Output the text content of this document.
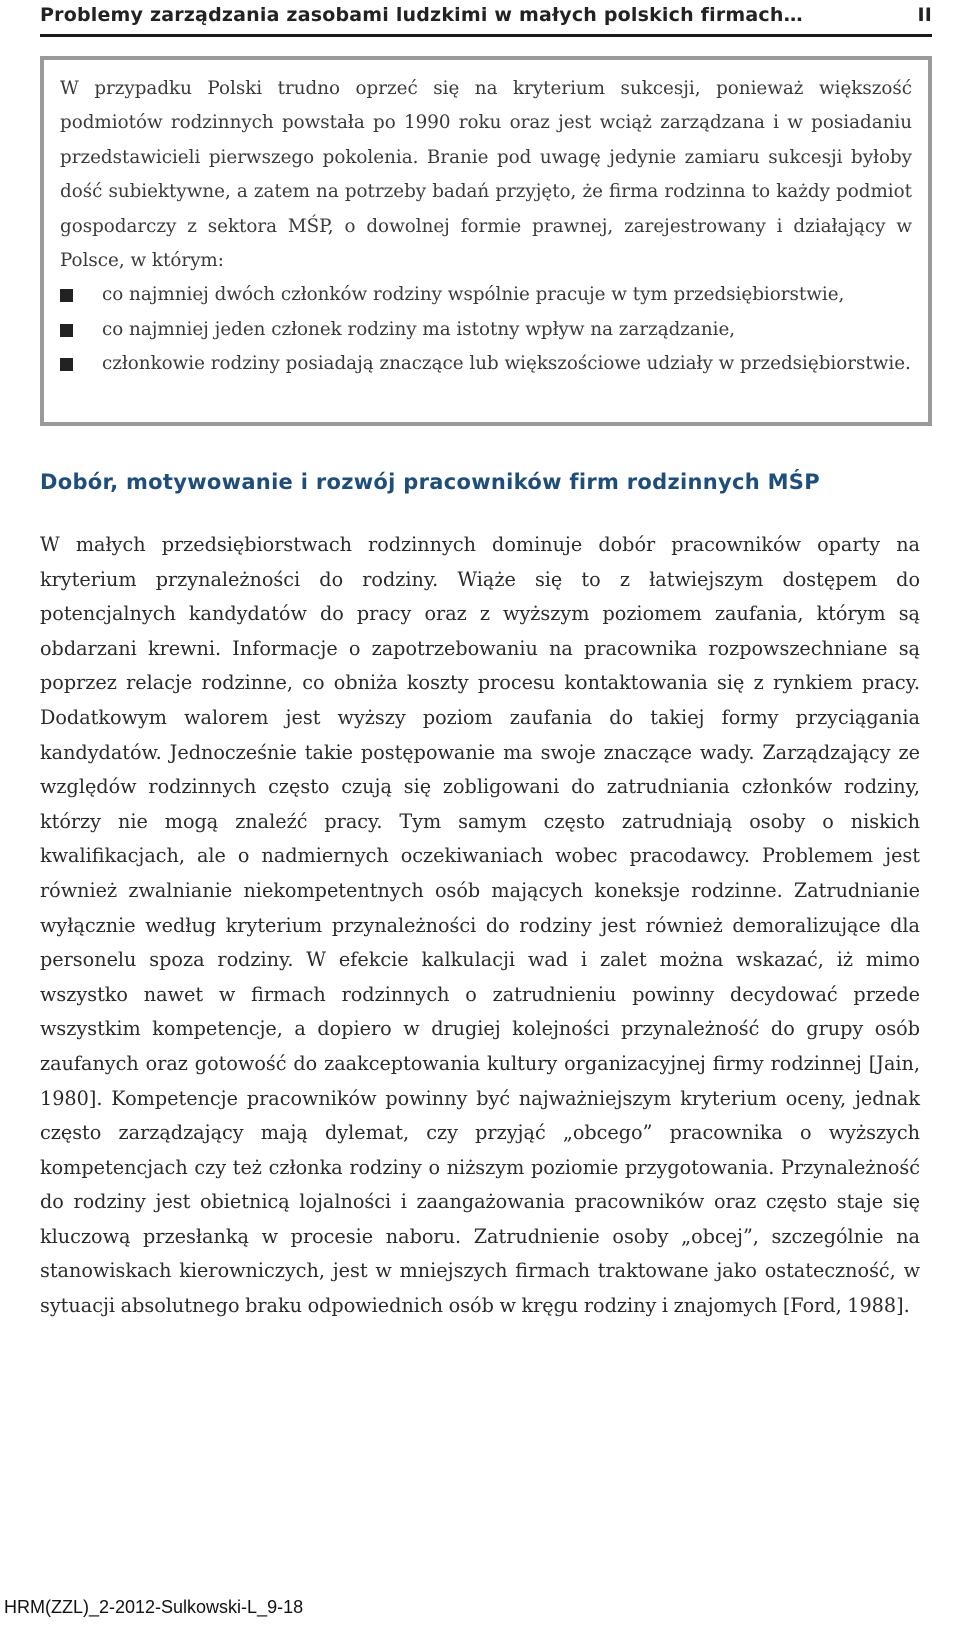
Problemy zarządzania zasobami ludzkimi w małych polskich firmach…	II

W przypadku Polski trudno oprzeć się na kryterium sukcesji, ponieważ większość podmiotów rodzinnych powstała po 1990 roku oraz jest wciąż zarządzana i w posiadaniu przedstawicieli pierwszego pokolenia. Branie pod uwagę jedynie zamiaru sukcesji byłoby dość subiektywne, a zatem na potrzeby badań przyjęto, że firma rodzinna to każdy podmiot gospodarczy z sektora MŚP, o dowolnej formie prawnej, zarejestrowany i działający w Polsce, w którym:

co najmniej dwóch członków rodziny wspólnie pracuje w tym przedsiębiorstwie,
co najmniej jeden członek rodziny ma istotny wpływ na zarządzanie,
członkowie rodziny posiadają znaczące lub większościowe udziały w przedsiębiorstwie.
Dobór, motywowanie i rozwój pracowników firm rodzinnych MŚP

W małych przedsiębiorstwach rodzinnych dominuje dobór pracowników oparty na kryterium przynależności do rodziny. Wiąże się to z łatwiejszym dostępem do potencjalnych kandydatów do pracy oraz z wyższym poziomem zaufania, którym są obdarzani krewni. Informacje o zapotrzebowaniu na pracownika rozpowszechniane są poprzez relacje rodzinne, co obniża koszty procesu kontaktowania się z rynkiem pracy. Dodatkowym walorem jest wyższy poziom zaufania do takiej formy przyciągania kandydatów. Jednocześnie takie postępowanie ma swoje znaczące wady. Zarządzający ze względów rodzinnych często czują się zobligowani do zatrudniania członków rodziny, którzy nie mogą znaleźć pracy. Tym samym często zatrudniają osoby o niskich kwalifikacjach, ale o nadmiernych oczekiwaniach wobec pracodawcy. Problemem jest również zwalnianie niekompetentnych osób mających koneksje rodzinne. Zatrudnianie wyłącznie według kryterium przynależności do rodziny jest również demoralizujące dla personelu spoza rodziny. W efekcie kalkulacji wad i zalet można wskazać, iż mimo wszystko nawet w firmach rodzinnych o zatrudnieniu powinny decydować przede wszystkim kompetencje, a dopiero w drugiej kolejności przynależność do grupy osób zaufanych oraz gotowość do zaakceptowania kultury organizacyjnej firmy rodzinnej [Jain, 1980]. Kompetencje pracowników powinny być najważniejszym kryterium oceny, jednak często zarządzający mają dylemat, czy przyjąć „obcego” pracownika o wyższych kompetencjach czy też członka rodziny o niższym poziomie przygotowania. Przynależność do rodziny jest obietnicą lojalności i zaangażowania pracowników oraz często staje się kluczową przesłanką w procesie naboru. Zatrudnienie osoby „obcej”, szczególnie na stanowiskach kierowniczych, jest w mniejszych firmach traktowane jako ostateczność, w sytuacji absolutnego braku odpowiednich osób w kręgu rodziny i znajomych [Ford, 1988].

HRM(ZZL)_2-2012-Sulkowski-L_9-18
